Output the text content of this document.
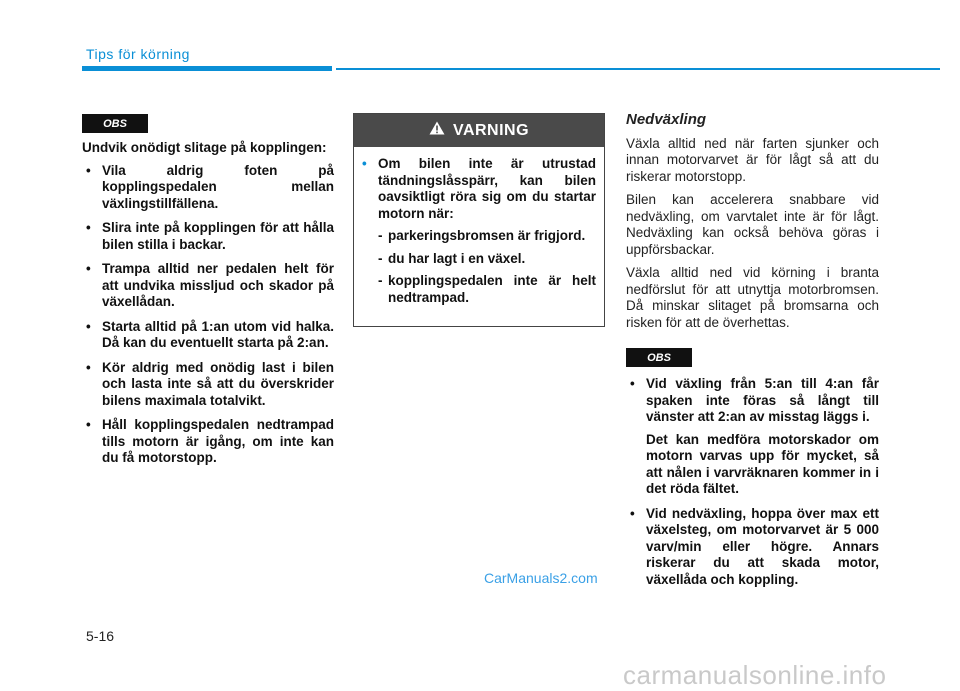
Tips för körning
OBS

Undvik onödigt slitage på kopplingen:

• Vila aldrig foten på kopplingspedalen mellan växlingstillfällena.
• Slira inte på kopplingen för att hålla bilen stilla i backar.
• Trampa alltid ner pedalen helt för att undvika missljud och skador på växellådan.
• Starta alltid på 1:an utom vid halka. Då kan du eventuellt starta på 2:an.
• Kör aldrig med onödig last i bilen och lasta inte så att du överskrider bilens maximala totalvikt.
• Håll kopplingspedalen nedtrampad tills motorn är igång, om inte kan du få motorstopp.
VARNING

• Om bilen inte är utrustad tändningslåsspärr, kan bilen oavsiktligt röra sig om du startar motorn när:

- parkeringsbromsen är frigjord.
- du har lagt i en växel.
- kopplingspedalen inte är helt nedtrampad.
Nedväxling

Växla alltid ned när farten sjunker och innan motorvarvet är för lågt så att du riskerar motorstopp.

Bilen kan accelerera snabbare vid nedväxling, om varvtalet inte är för lågt. Nedväxling kan också behöva göras i uppförsbackar.

Växla alltid ned vid körning i branta nedförslut för att utnyttja motorbromsen. Då minskar slitaget på bromsarna och risken för att de överhettas.

• Vid växling från 5:an till 4:an får spaken inte föras så långt till vänster att 2:an av misstag läggs i.

Det kan medföra motorskador om motorn varvas upp för mycket, så att nålen i varvräknaren kommer in i det röda fältet.

• Vid nedväxling, hoppa över max ett växelsteg, om motorvarvet är 5 000 varv/min eller högre. Annars riskerar du att skada motor, växellåda och koppling.

OBS
CarManuals2.com
5-16
carmanualsonline.info
